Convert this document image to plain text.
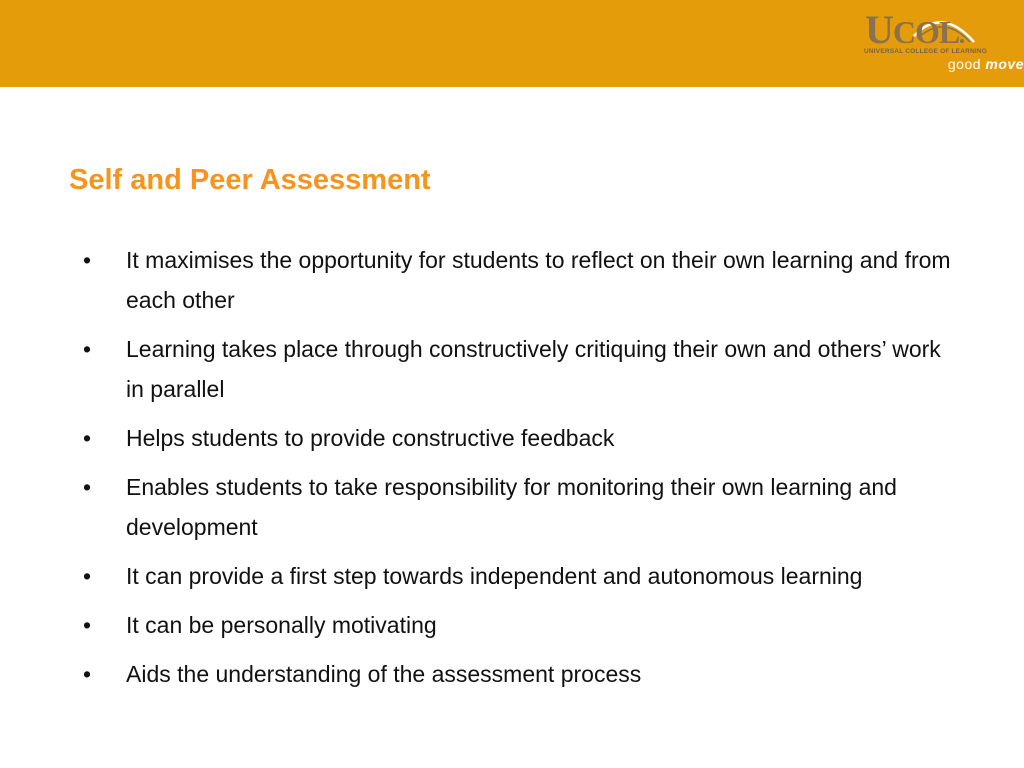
UCOL
UNIVERSAL COLLEGE OF LEARNING
good move
Self and Peer Assessment
• It maximises the opportunity for students to reflect on their own learning and from each other
• Learning takes place through constructively critiquing their own and others’ work in parallel
• Helps students to provide constructive feedback
• Enables students to take responsibility for monitoring their own learning and development
• It can provide a first step towards independent and autonomous learning
• It can be personally motivating
• Aids the understanding of the assessment process
